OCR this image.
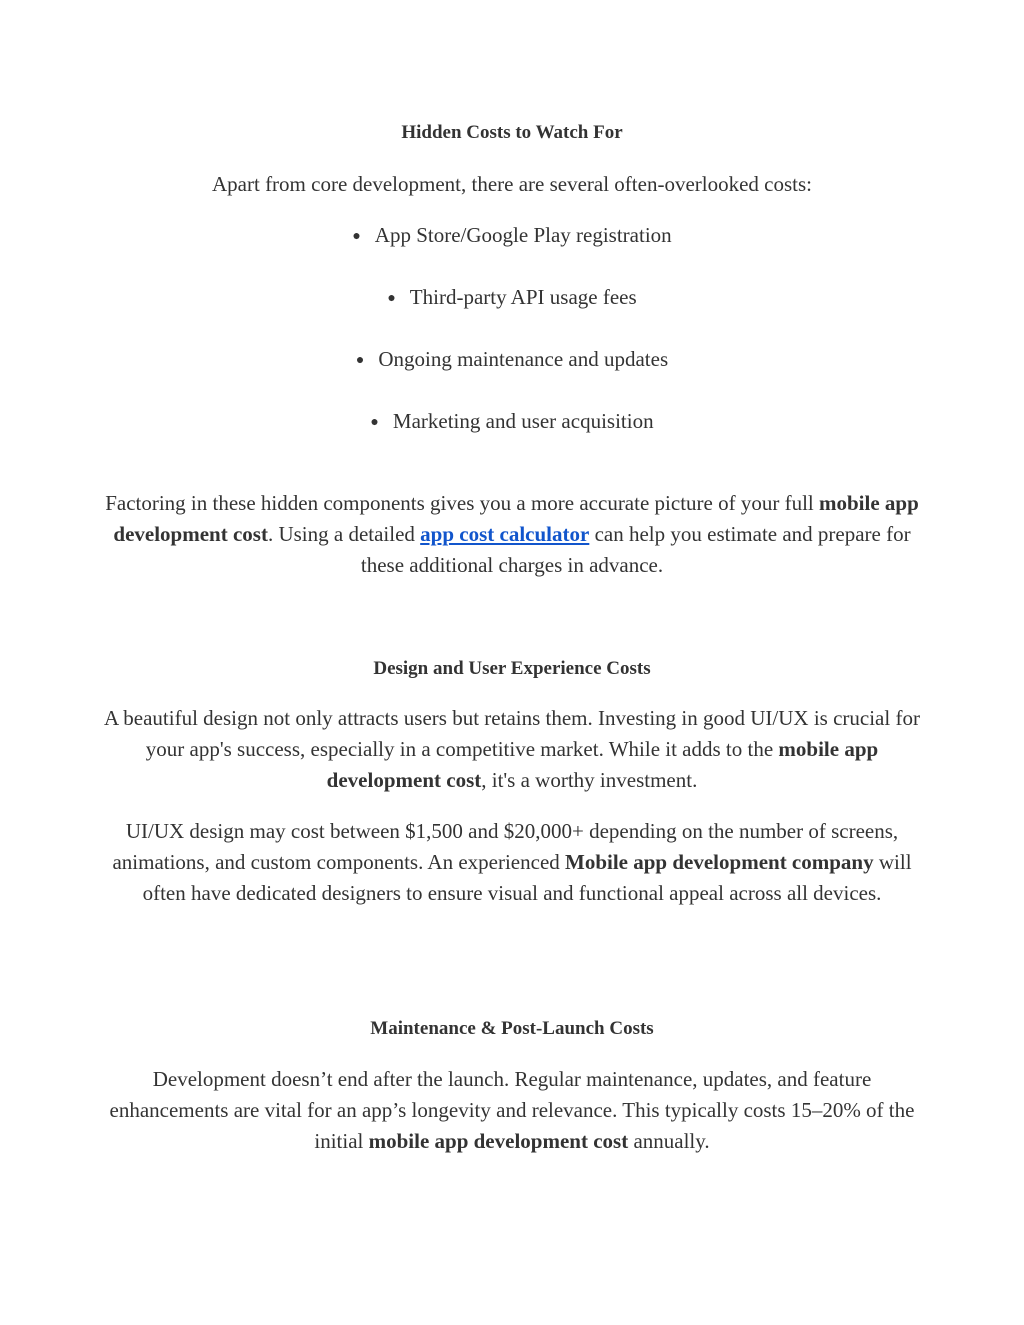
Hidden Costs to Watch For

Apart from core development, there are several often-overlooked costs:

● App Store/Google Play registration
● Third-party API usage fees
● Ongoing maintenance and updates
● Marketing and user acquisition

Factoring in these hidden components gives you a more accurate picture of your full mobile app development cost. Using a detailed app cost calculator can help you estimate and prepare for these additional charges in advance.

Design and User Experience Costs

A beautiful design not only attracts users but retains them. Investing in good UI/UX is crucial for your app's success, especially in a competitive market. While it adds to the mobile app development cost, it's a worthy investment.

UI/UX design may cost between $1,500 and $20,000+ depending on the number of screens, animations, and custom components. An experienced Mobile app development company will often have dedicated designers to ensure visual and functional appeal across all devices.

Maintenance & Post-Launch Costs

Development doesn’t end after the launch. Regular maintenance, updates, and feature enhancements are vital for an app’s longevity and relevance. This typically costs 15–20% of the initial mobile app development cost annually.
